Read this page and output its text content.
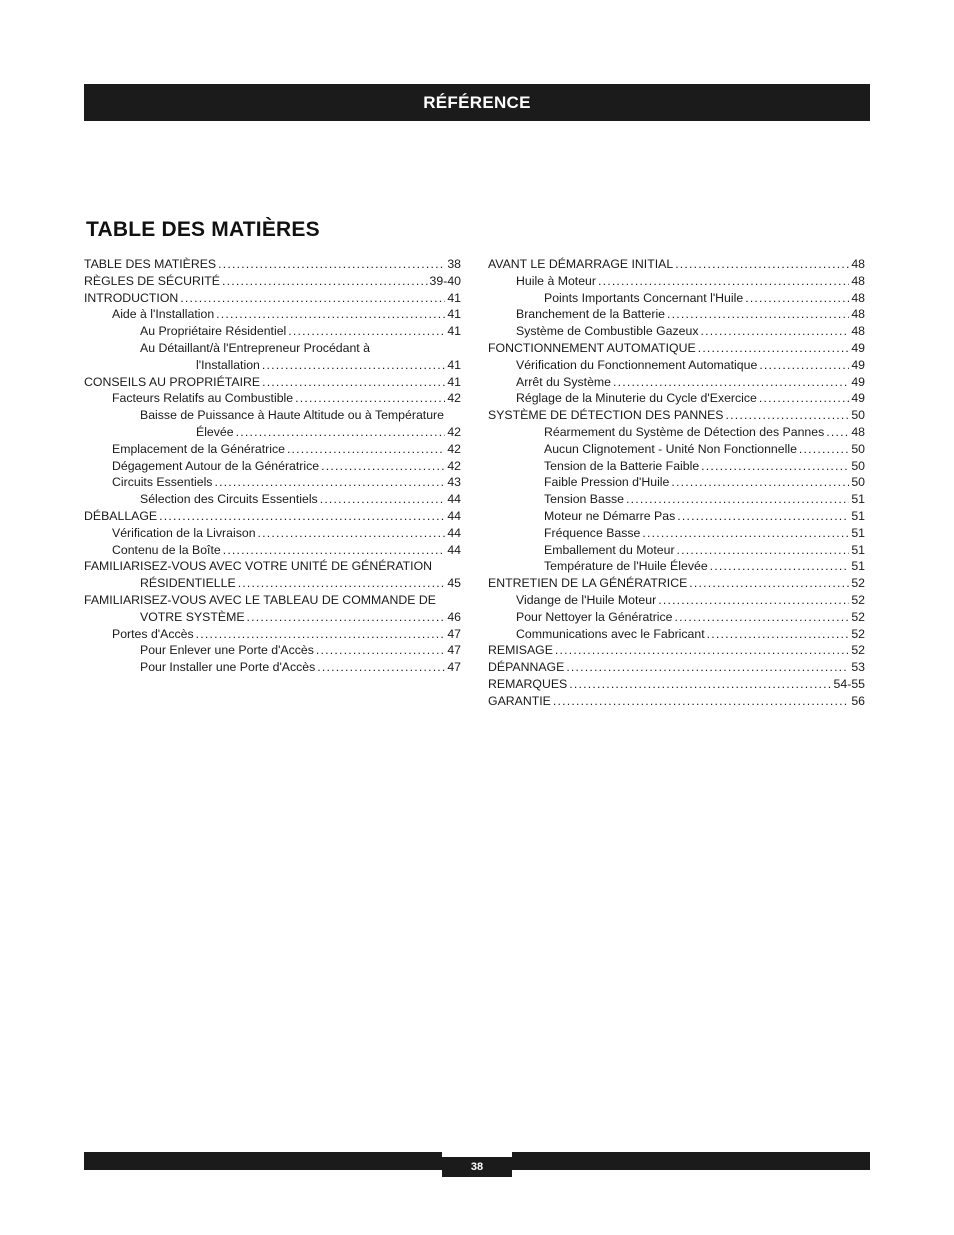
RÉFÉRENCE
TABLE DES MATIÈRES
TABLE DES MATIÈRES .....	38
RÈGLES DE SÉCURITÉ .....	39-40
INTRODUCTION .....	41
Aide à l'Installation .....	41
Au Propriétaire Résidentiel .....	41
Au Détaillant/à l'Entrepreneur Procédant à
l'Installation .....	41
CONSEILS AU PROPRIÉTAIRE .....	41
Facteurs Relatifs au Combustible .....	42
Baisse de Puissance à Haute Altitude ou à Température
Élevée .....	42
Emplacement de la Génératrice .....	42
Dégagement Autour de la Génératrice .....	42
Circuits Essentiels .....	43
Sélection des Circuits Essentiels .....	44
DÉBALLAGE .....	44
Vérification de la Livraison .....	44
Contenu de la Boîte .....	44
FAMILIARISEZ-VOUS AVEC VOTRE UNITÉ DE GÉNÉRATION
RÉSIDENTIELLE .....	45
FAMILIARISEZ-VOUS AVEC LE TABLEAU DE COMMANDE DE
VOTRE SYSTÈME .....	46
Portes d'Accès .....	47
Pour Enlever une Porte d'Accès .....	47
Pour Installer une Porte d'Accès .....	47
AVANT LE DÉMARRAGE INITIAL .....	48
Huile à Moteur .....	48
Points Importants Concernant l'Huile .....	48
Branchement de la Batterie .....	48
Système de Combustible Gazeux .....	48
FONCTIONNEMENT AUTOMATIQUE .....	49
Vérification du Fonctionnement Automatique .....	49
Arrêt du Système .....	49
Réglage de la Minuterie du Cycle d'Exercice .....	49
SYSTÈME DE DÉTECTION DES PANNES .....	50
Réarmement du Système de Détection des Pannes ..... 48
Aucun Clignotement - Unité Non Fonctionnelle .....	50
Tension de la Batterie Faible .....	50
Faible Pression d'Huile .....	50
Tension Basse .....	51
Moteur ne Démarre Pas .....	51
Fréquence Basse .....	51
Emballement du Moteur .....	51
Température de l'Huile Élevée .....	51
ENTRETIEN DE LA GÉNÉRATRICE .....	52
Vidange de l'Huile Moteur .....	52
Pour Nettoyer la Génératrice .....	52
Communications avec le Fabricant .....	52
REMISAGE .....	52
DÉPANNAGE .....	53
REMARQUES .....	54-55
GARANTIE .....	56
38
